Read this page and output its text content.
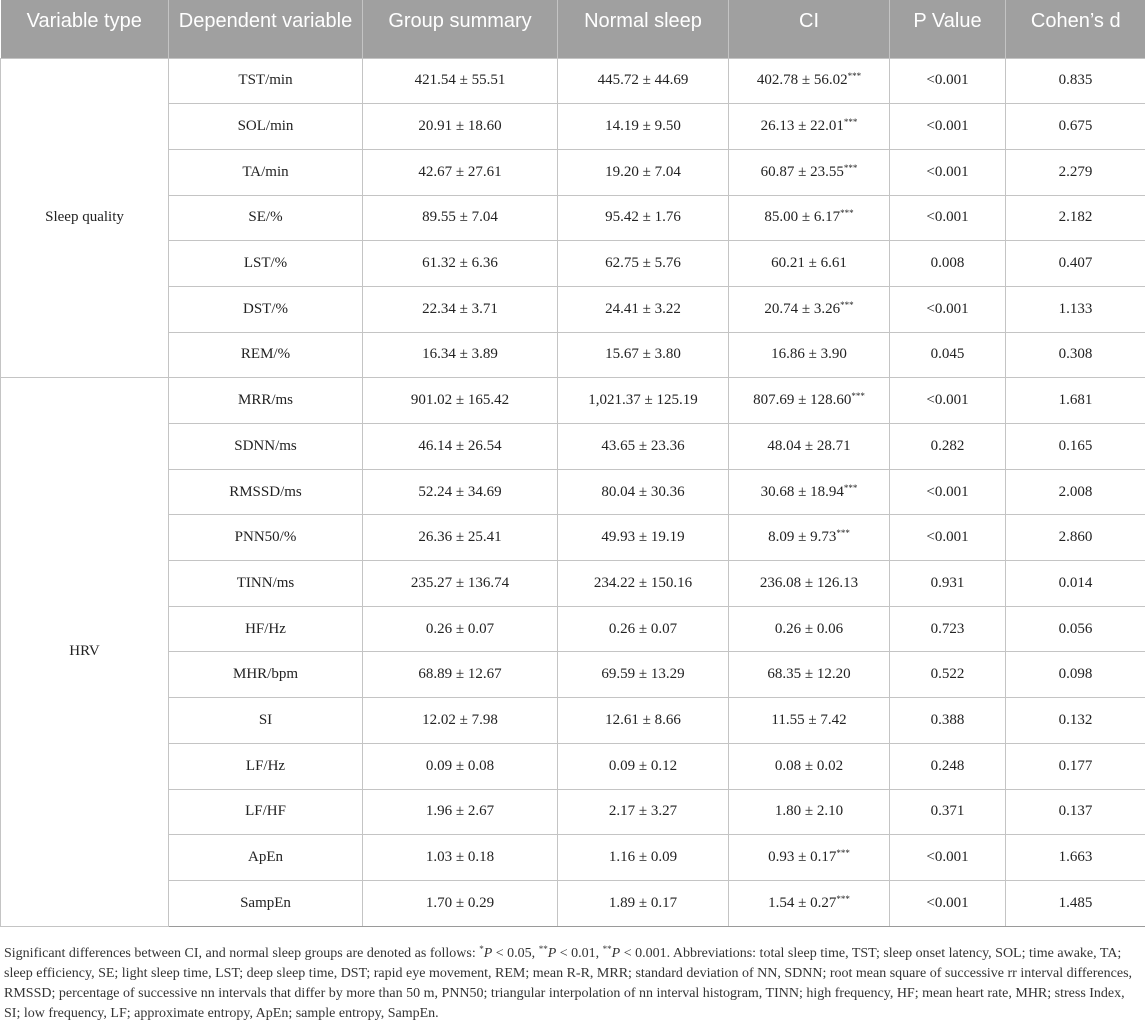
Variable type	Dependent variable	Group summary	Normal sleep	CI	P Value	Cohen’s d
Sleep quality	TST/min	421.54 ± 55.51	445.72 ± 44.69	402.78 ± 56.02***	<0.001	0.835
	SOL/min	20.91 ± 18.60	14.19 ± 9.50	26.13 ± 22.01***	<0.001	0.675
	TA/min	42.67 ± 27.61	19.20 ± 7.04	60.87 ± 23.55***	<0.001	2.279
	SE/%	89.55 ± 7.04	95.42 ± 1.76	85.00 ± 6.17***	<0.001	2.182
	LST/%	61.32 ± 6.36	62.75 ± 5.76	60.21 ± 6.61	0.008	0.407
	DST/%	22.34 ± 3.71	24.41 ± 3.22	20.74 ± 3.26***	<0.001	1.133
	REM/%	16.34 ± 3.89	15.67 ± 3.80	16.86 ± 3.90	0.045	0.308
HRV	MRR/ms	901.02 ± 165.42	1,021.37 ± 125.19	807.69 ± 128.60***	<0.001	1.681
	SDNN/ms	46.14 ± 26.54	43.65 ± 23.36	48.04 ± 28.71	0.282	0.165
	RMSSD/ms	52.24 ± 34.69	80.04 ± 30.36	30.68 ± 18.94***	<0.001	2.008
	PNN50/%	26.36 ± 25.41	49.93 ± 19.19	8.09 ± 9.73***	<0.001	2.860
	TINN/ms	235.27 ± 136.74	234.22 ± 150.16	236.08 ± 126.13	0.931	0.014
	HF/Hz	0.26 ± 0.07	0.26 ± 0.07	0.26 ± 0.06	0.723	0.056
	MHR/bpm	68.89 ± 12.67	69.59 ± 13.29	68.35 ± 12.20	0.522	0.098
	SI	12.02 ± 7.98	12.61 ± 8.66	11.55 ± 7.42	0.388	0.132
	LF/Hz	0.09 ± 0.08	0.09 ± 0.12	0.08 ± 0.02	0.248	0.177
	LF/HF	1.96 ± 2.67	2.17 ± 3.27	1.80 ± 2.10	0.371	0.137
	ApEn	1.03 ± 0.18	1.16 ± 0.09	0.93 ± 0.17***	<0.001	1.663
	SampEn	1.70 ± 0.29	1.89 ± 0.17	1.54 ± 0.27***	<0.001	1.485

Significant differences between CI, and normal sleep groups are denoted as follows: *P < 0.05, **P < 0.01, **P < 0.001. Abbreviations: total sleep time, TST; sleep onset latency, SOL; time awake, TA; sleep efficiency, SE; light sleep time, LST; deep sleep time, DST; rapid eye movement, REM; mean R-R, MRR; standard deviation of NN, SDNN; root mean square of successive rr interval differences, RMSSD; percentage of successive nn intervals that differ by more than 50 m, PNN50; triangular interpolation of nn interval histogram, TINN; high frequency, HF; mean heart rate, MHR; stress Index, SI; low frequency, LF; approximate entropy, ApEn; sample entropy, SampEn.
